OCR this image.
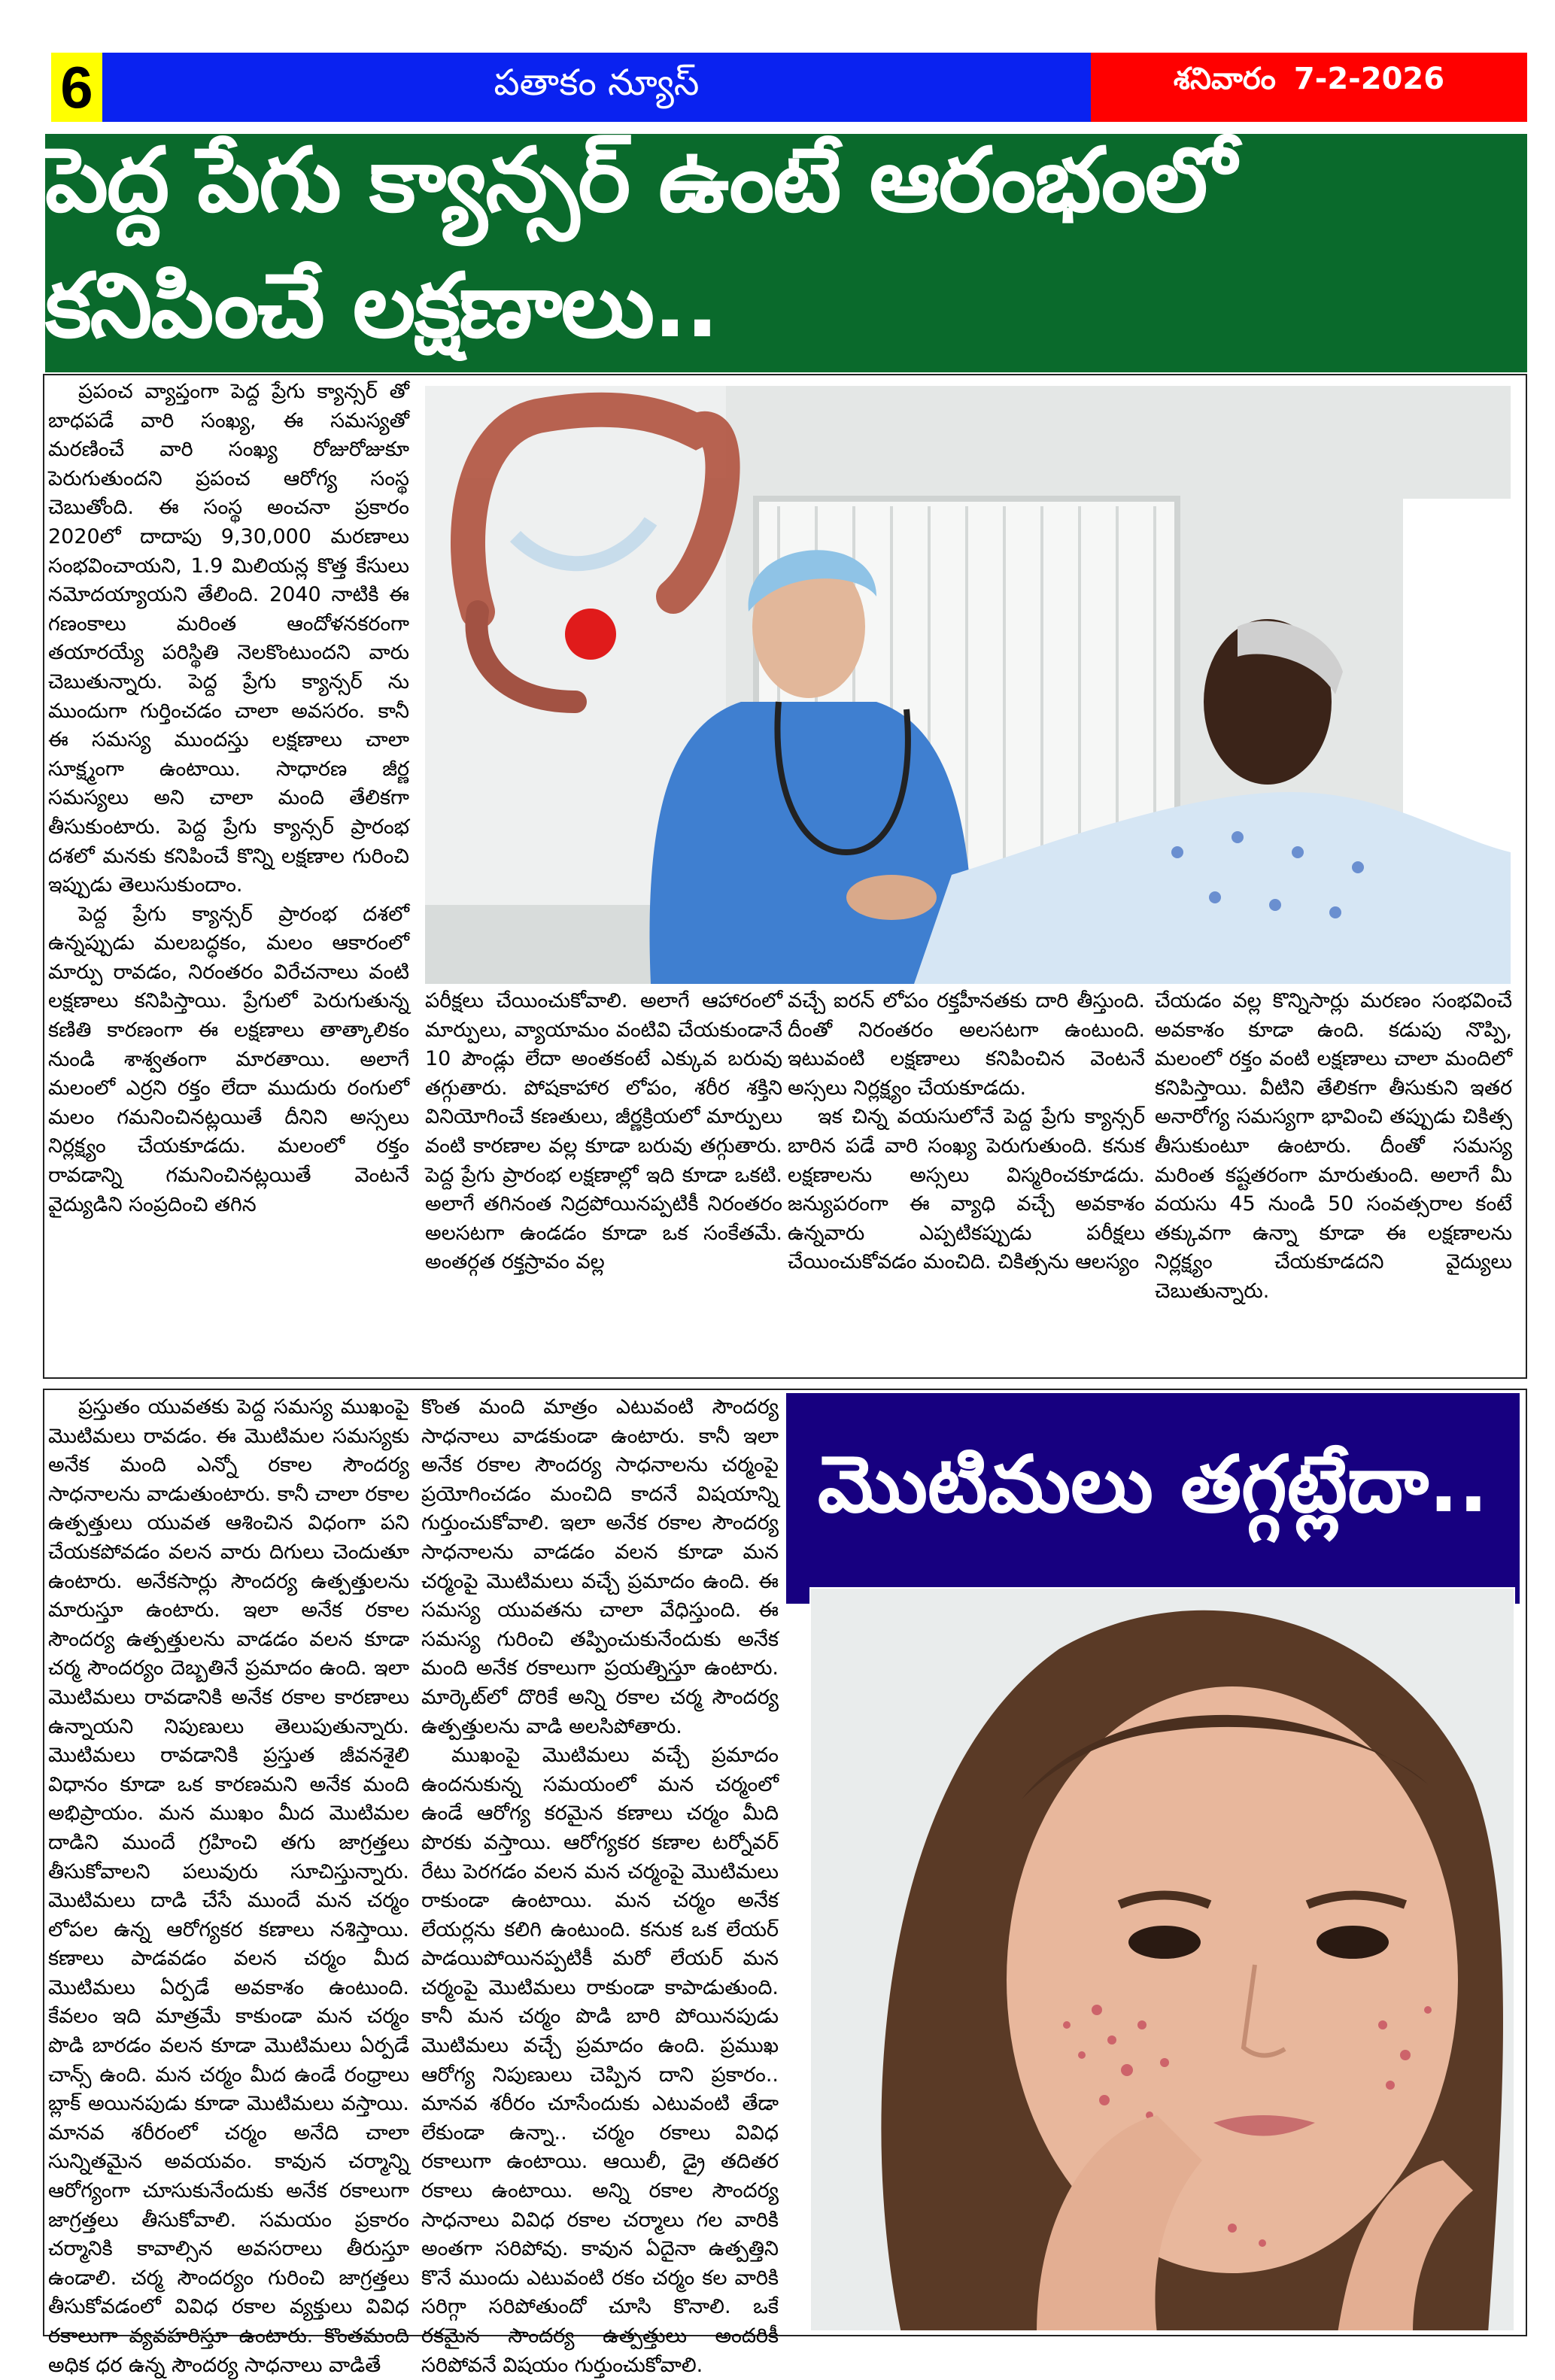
6	పతాకం న్యూస్	శనివారం 7-2-2026
పెద్ద పేగు క్యాన్సర్ ఉంటే ఆరంభంలో కనిపించే లక్షణాలు..

ప్రపంచ వ్యాప్తంగా పెద్ద ప్రేగు క్యాన్సర్ తో బాధపడే వారి సంఖ్య, ఈ సమస్యతో మరణించే వారి సంఖ్య రోజురోజుకూ పెరుగుతుందని ప్రపంచ ఆరోగ్య సంస్థ చెబుతోంది. ఈ సంస్థ అంచనా ప్రకారం 2020లో దాదాపు 9,30,000 మరణాలు సంభవించాయని, 1.9 మిలియన్ల కొత్త కేసులు నమోదయ్యాయని తేలింది. 2040 నాటికి ఈ గణంకాలు మరింత ఆందోళనకరంగా తయారయ్యే పరిస్థితి నెలకొంటుందని వారు చెబుతున్నారు. పెద్ద ప్రేగు క్యాన్సర్ ను ముందుగా గుర్తించడం చాలా అవసరం. కానీ ఈ సమస్య ముందస్తు లక్షణాలు చాలా సూక్ష్మంగా ఉంటాయి. సాధారణ జీర్ణ సమస్యలు అని చాలా మంది తేలికగా తీసుకుంటారు. పెద్ద ప్రేగు క్యాన్సర్ ప్రారంభ దశలో మనకు కనిపించే కొన్ని లక్షణాల గురించి ఇప్పుడు తెలుసుకుందాం.

పెద్ద ప్రేగు క్యాన్సర్ ప్రారంభ దశలో ఉన్నప్పుడు మలబద్ధకం, మలం ఆకారంలో మార్పు రావడం, నిరంతరం విరేచనాలు వంటి లక్షణాలు కనిపిస్తాయి. ప్రేగులో పెరుగుతున్న కణితి కారణంగా ఈ లక్షణాలు తాత్కాలికం నుండి శాశ్వతంగా మారతాయి. అలాగే మలంలో ఎర్రని రక్తం లేదా ముదురు రంగులో మలం గమనించినట్లయితే దీనిని అస్సలు నిర్లక్ష్యం చేయకూడదు. మలంలో రక్తం రావడాన్ని గమనించినట్లయితే వెంటనే వైద్యుడిని సంప్రదించి తగిన

పరీక్షలు చేయించుకోవాలి. అలాగే ఆహారంలో మార్పులు, వ్యాయామం వంటివి చేయకుండానే 10 పౌండ్లు లేదా అంతకంటే ఎక్కువ బరువు తగ్గుతారు. పోషకాహార లోపం, శరీర శక్తిని వినియోగించే కణతులు, జీర్ణక్రియలో మార్పులు వంటి కారణాల వల్ల కూడా బరువు తగ్గుతారు. పెద్ద ప్రేగు ప్రారంభ లక్షణాల్లో ఇది కూడా ఒకటి. అలాగే తగినంత నిద్రపోయినప్పటికీ నిరంతరం అలసటగా ఉండడం కూడా ఒక సంకేతమే. అంతర్గత రక్తస్రావం వల్ల

వచ్చే ఐరన్ లోపం రక్తహీనతకు దారి తీస్తుంది. దీంతో నిరంతరం అలసటగా ఉంటుంది. ఇటువంటి లక్షణాలు కనిపించిన వెంటనే అస్సలు నిర్లక్ష్యం చేయకూడదు.

ఇక చిన్న వయసులోనే పెద్ద ప్రేగు క్యాన్సర్ బారిన పడే వారి సంఖ్య పెరుగుతుంది. కనుక లక్షణాలను అస్సలు విస్మరించకూడదు. జన్యుపరంగా ఈ వ్యాధి వచ్చే అవకాశం ఉన్నవారు ఎప్పటికప్పుడు పరీక్షలు చేయించుకోవడం మంచిది. చికిత్సను ఆలస్యం

చేయడం వల్ల కొన్నిసార్లు మరణం సంభవించే అవకాశం కూడా ఉంది. కడుపు నొప్పి, మలంలో రక్తం వంటి లక్షణాలు చాలా మందిలో కనిపిస్తాయి. వీటిని తేలికగా తీసుకుని ఇతర అనారోగ్య సమస్యగా భావించి తప్పుడు చికిత్స తీసుకుంటూ ఉంటారు. దీంతో సమస్య మరింత కష్టతరంగా మారుతుంది. అలాగే మీ వయసు 45 నుండి 50 సంవత్సరాల కంటే తక్కువగా ఉన్నా కూడా ఈ లక్షణాలను నిర్లక్ష్యం చేయకూడదని వైద్యులు చెబుతున్నారు.

ప్రస్తుతం యువతకు పెద్ద సమస్య ముఖంపై మొటిమలు రావడం. ఈ మొటిమల సమస్యకు అనేక మంది ఎన్నో రకాల సౌందర్య సాధనాలను వాడుతుంటారు. కానీ చాలా రకాల ఉత్పత్తులు యువత ఆశించిన విధంగా పని చేయకపోవడం వలన వారు దిగులు చెందుతూ ఉంటారు. అనేకసార్లు సౌందర్య ఉత్పత్తులను మారుస్తూ ఉంటారు. ఇలా అనేక రకాల సౌందర్య ఉత్పత్తులను వాడడం వలన కూడా చర్మ సౌందర్యం దెబ్బతినే ప్రమాదం ఉంది. ఇలా మొటిమలు రావడానికి అనేక రకాల కారణాలు ఉన్నాయని నిపుణులు తెలుపుతున్నారు. మొటిమలు రావడానికి ప్రస్తుత జీవనశైలి విధానం కూడా ఒక కారణమని అనేక మంది అభిప్రాయం. మన ముఖం మీద మొటిమల దాడిని ముందే గ్రహించి తగు జాగ్రత్తలు తీసుకోవాలని పలువురు సూచిస్తున్నారు. మొటిమలు దాడి చేసే ముందే మన చర్మం లోపల ఉన్న ఆరోగ్యకర కణాలు నశిస్తాయి. కణాలు పాడవడం వలన చర్మం మీద మొటిమలు ఏర్పడే అవకాశం ఉంటుంది. కేవలం ఇది మాత్రమే కాకుండా మన చర్మం పొడి బారడం వలన కూడా మొటిమలు ఏర్పడే చాన్స్ ఉంది. మన చర్మం మీద ఉండే రంధ్రాలు బ్లాక్ అయినపుడు కూడా మొటిమలు వస్తాయి. మానవ శరీరంలో చర్మం అనేది చాలా సున్నితమైన అవయవం. కావున చర్మాన్ని ఆరోగ్యంగా చూసుకునేందుకు అనేక రకాలుగా జాగ్రత్తలు తీసుకోవాలి. సమయం ప్రకారం చర్మానికి కావాల్సిన అవసరాలు తీరుస్తూ ఉండాలి. చర్మ సౌందర్యం గురించి జాగ్రత్తలు తీసుకోవడంలో వివిధ రకాల వ్యక్తులు వివిధ రకాలుగా వ్యవహరిస్తూ ఉంటారు. కొంతమంది అధిక ధర ఉన్న సౌందర్య సాధనాలు వాడితే

కొంత మంది మాత్రం ఎటువంటి సౌందర్య సాధనాలు వాడకుండా ఉంటారు. కానీ ఇలా అనేక రకాల సౌందర్య సాధనాలను చర్మంపై ప్రయోగించడం మంచిది కాదనే విషయాన్ని గుర్తుంచుకోవాలి. ఇలా అనేక రకాల సౌందర్య సాధనాలను వాడడం వలన కూడా మన చర్మంపై మొటిమలు వచ్చే ప్రమాదం ఉంది. ఈ సమస్య యువతను చాలా వేధిస్తుంది. ఈ సమస్య గురించి తప్పించుకునేందుకు అనేక మంది అనేక రకాలుగా ప్రయత్నిస్తూ ఉంటారు. మార్కెట్‌లో దొరికే అన్ని రకాల చర్మ సౌందర్య ఉత్పత్తులను వాడి అలసిపోతారు.

ముఖంపై మొటిమలు వచ్చే ప్రమాదం ఉందనుకున్న సమయంలో మన చర్మంలో ఉండే ఆరోగ్య కరమైన కణాలు చర్మం మీది పొరకు వస్తాయి. ఆరోగ్యకర కణాల టర్నోవర్ రేటు పెరగడం వలన మన చర్మంపై మొటిమలు రాకుండా ఉంటాయి. మన చర్మం అనేక లేయర్లను కలిగి ఉంటుంది. కనుక ఒక లేయర్ పాడయిపోయినప్పటికీ మరో లేయర్ మన చర్మంపై మొటిమలు రాకుండా కాపాడుతుంది. కానీ మన చర్మం పొడి బారి పోయినపుడు మొటిమలు వచ్చే ప్రమాదం ఉంది. ప్రముఖ ఆరోగ్య నిపుణులు చెప్పిన దాని ప్రకారం.. మానవ శరీరం చూసేందుకు ఎటువంటి తేడా లేకుండా ఉన్నా.. చర్మం రకాలు వివిధ రకాలుగా ఉంటాయి. ఆయిలీ, డ్రై తదితర రకాలు ఉంటాయి. అన్ని రకాల సౌందర్య సాధనాలు వివిధ రకాల చర్మాలు గల వారికి అంతగా సరిపోవు. కావున ఏదైనా ఉత్పత్తిని కొనే ముందు ఎటువంటి రకం చర్మం కల వారికి సరిగ్గా సరిపోతుందో చూసి కొనాలి. ఒకే రకమైన సౌందర్య ఉత్పత్తులు అందరికీ సరిపోవనే విషయం గుర్తుంచుకోవాలి.

మొటిమలు తగ్గట్లేదా..
